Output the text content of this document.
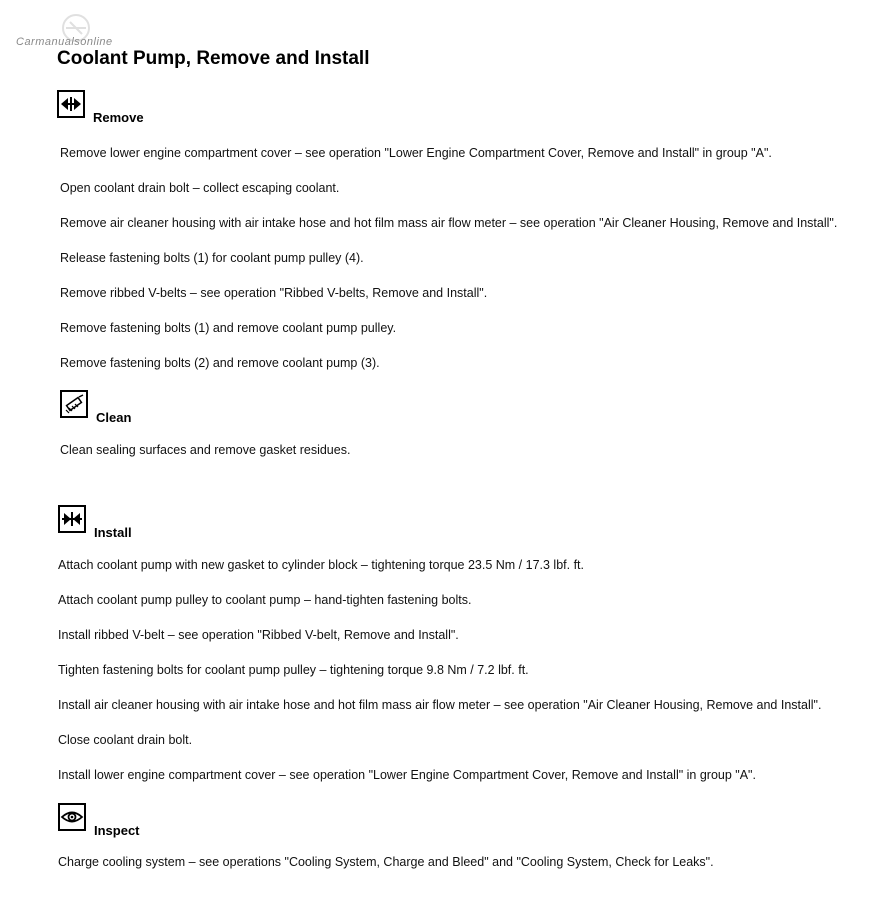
Carmanualsonline
Coolant Pump, Remove and Install
Remove

Remove lower engine compartment cover – see operation "Lower Engine Compartment Cover, Remove and Install" in group "A".

Open coolant drain bolt – collect escaping coolant.

Remove air cleaner housing with air intake hose and hot film mass air flow meter – see operation "Air Cleaner Housing, Remove and Install".

Release fastening bolts (1) for coolant pump pulley (4).

Remove ribbed V-belts – see operation "Ribbed V-belts, Remove and Install".

Remove fastening bolts (1) and remove coolant pump pulley.

Remove fastening bolts (2) and remove coolant pump (3).

Clean

Clean sealing surfaces and remove gasket residues.

Install

Attach coolant pump with new gasket to cylinder block – tightening torque 23.5 Nm / 17.3 lbf. ft.

Attach coolant pump pulley to coolant pump – hand-tighten fastening bolts.

Install ribbed V-belt – see operation "Ribbed V-belt, Remove and Install".

Tighten fastening bolts for coolant pump pulley – tightening torque 9.8 Nm / 7.2 lbf. ft.

Install air cleaner housing with air intake hose and hot film mass air flow meter – see operation "Air Cleaner Housing, Remove and Install".

Close coolant drain bolt.

Install lower engine compartment cover – see operation "Lower Engine Compartment Cover, Remove and Install" in group "A".

Inspect

Charge cooling system – see operations "Cooling System, Charge and Bleed" and "Cooling System, Check for Leaks".
